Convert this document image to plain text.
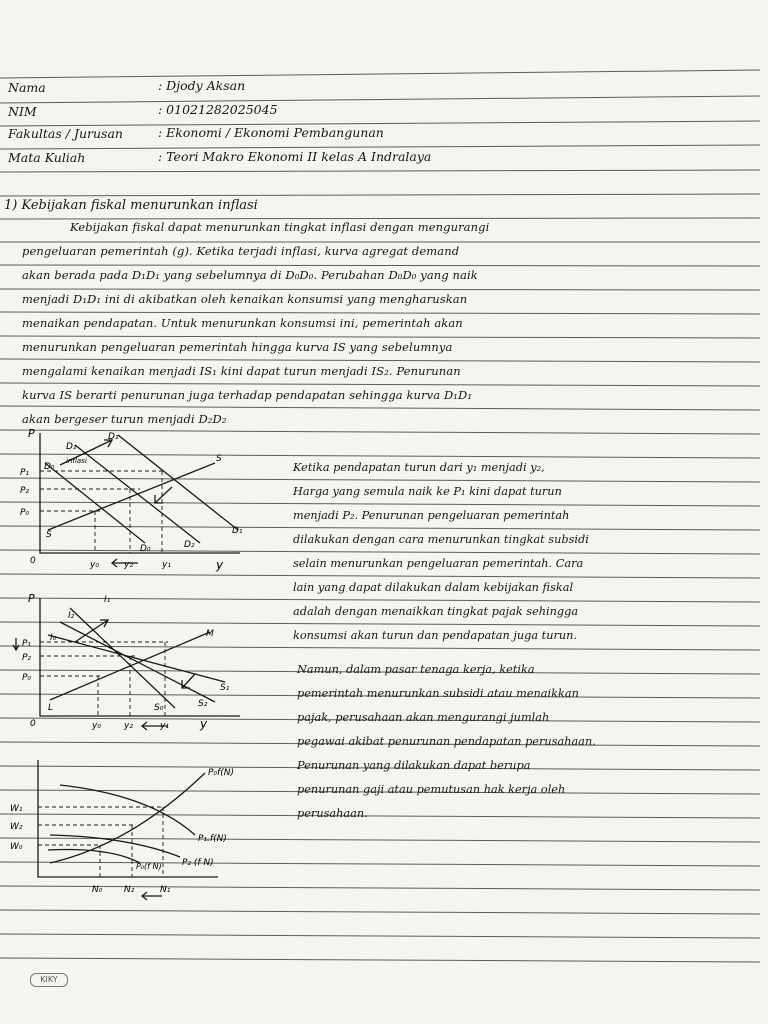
Nama	: Djody Aksan
NIM	: 01021282025045
Fakultas / Jurusan	: Ekonomi / Ekonomi Pembangunan
Mata Kuliah	: Teori Makro Ekonomi II kelas A Indralaya
1) Kebijakan fiskal menurunkan inflasi
Kebijakan fiskal dapat menurunkan tingkat inflasi dengan mengurangi
pengeluaran pemerintah (g). Ketika terjadi inflasi, kurva agregat demand
akan berada pada D₁D₁ yang sebelumnya di D₀D₀. Perubahan D₀D₀ yang naik
menjadi D₁D₁ ini di akibatkan oleh kenaikan konsumsi yang mengharuskan
menaikan pendapatan. Untuk menurunkan konsumsi ini, pemerintah akan
menurunkan pengeluaran pemerintah hingga kurva IS yang sebelumnya
mengalami kenaikan menjadi IS₁ kini dapat turun menjadi IS₂. Penurunan
kurva IS berarti penurunan juga terhadap pendapatan sehingga kurva D₁D₁
akan bergeser turun menjadi D₂D₂
Ketika pendapatan turun dari y₁ menjadi y₂,
Harga yang semula naik ke P₁ kini dapat turun
menjadi P₂. Penurunan pengeluaran pemerintah
dilakukan dengan cara menurunkan tingkat subsidi
selain menurunkan pengeluaran pemerintah. Cara
lain yang dapat dilakukan dalam kebijakan fiskal
adalah dengan menaikkan tingkat pajak sehingga
konsumsi akan turun dan pendapatan juga turun.
Namun, dalam pasar tenaga kerja, ketika
pemerintah menurunkan subsidi atau menaikkan
pajak, perusahaan akan mengurangi jumlah
pegawai akibat penurunan pendapatan perusahaan.
Penurunan yang dilakukan dapat berupa
penurunan gaji atau pemutusan hak kerja oleh
perusahaan.
P
y
0
D₁
D₂
D₀
S
S	D₁
D₂
D₀
inflasi
P₁
P₂
P₀
y₀	y₂	y₁
P
y
0
I₁
I₂
I₀	M
S₁
S₂
S₀
L
P₁
P₂
P₀
y₀	y₂	y₁
P₀f(N)
P₁.f(N)
P₂ (f N)
P₀(f N)
W₁
W₂
W₀
N₀ N₂	N₁
KIKY
